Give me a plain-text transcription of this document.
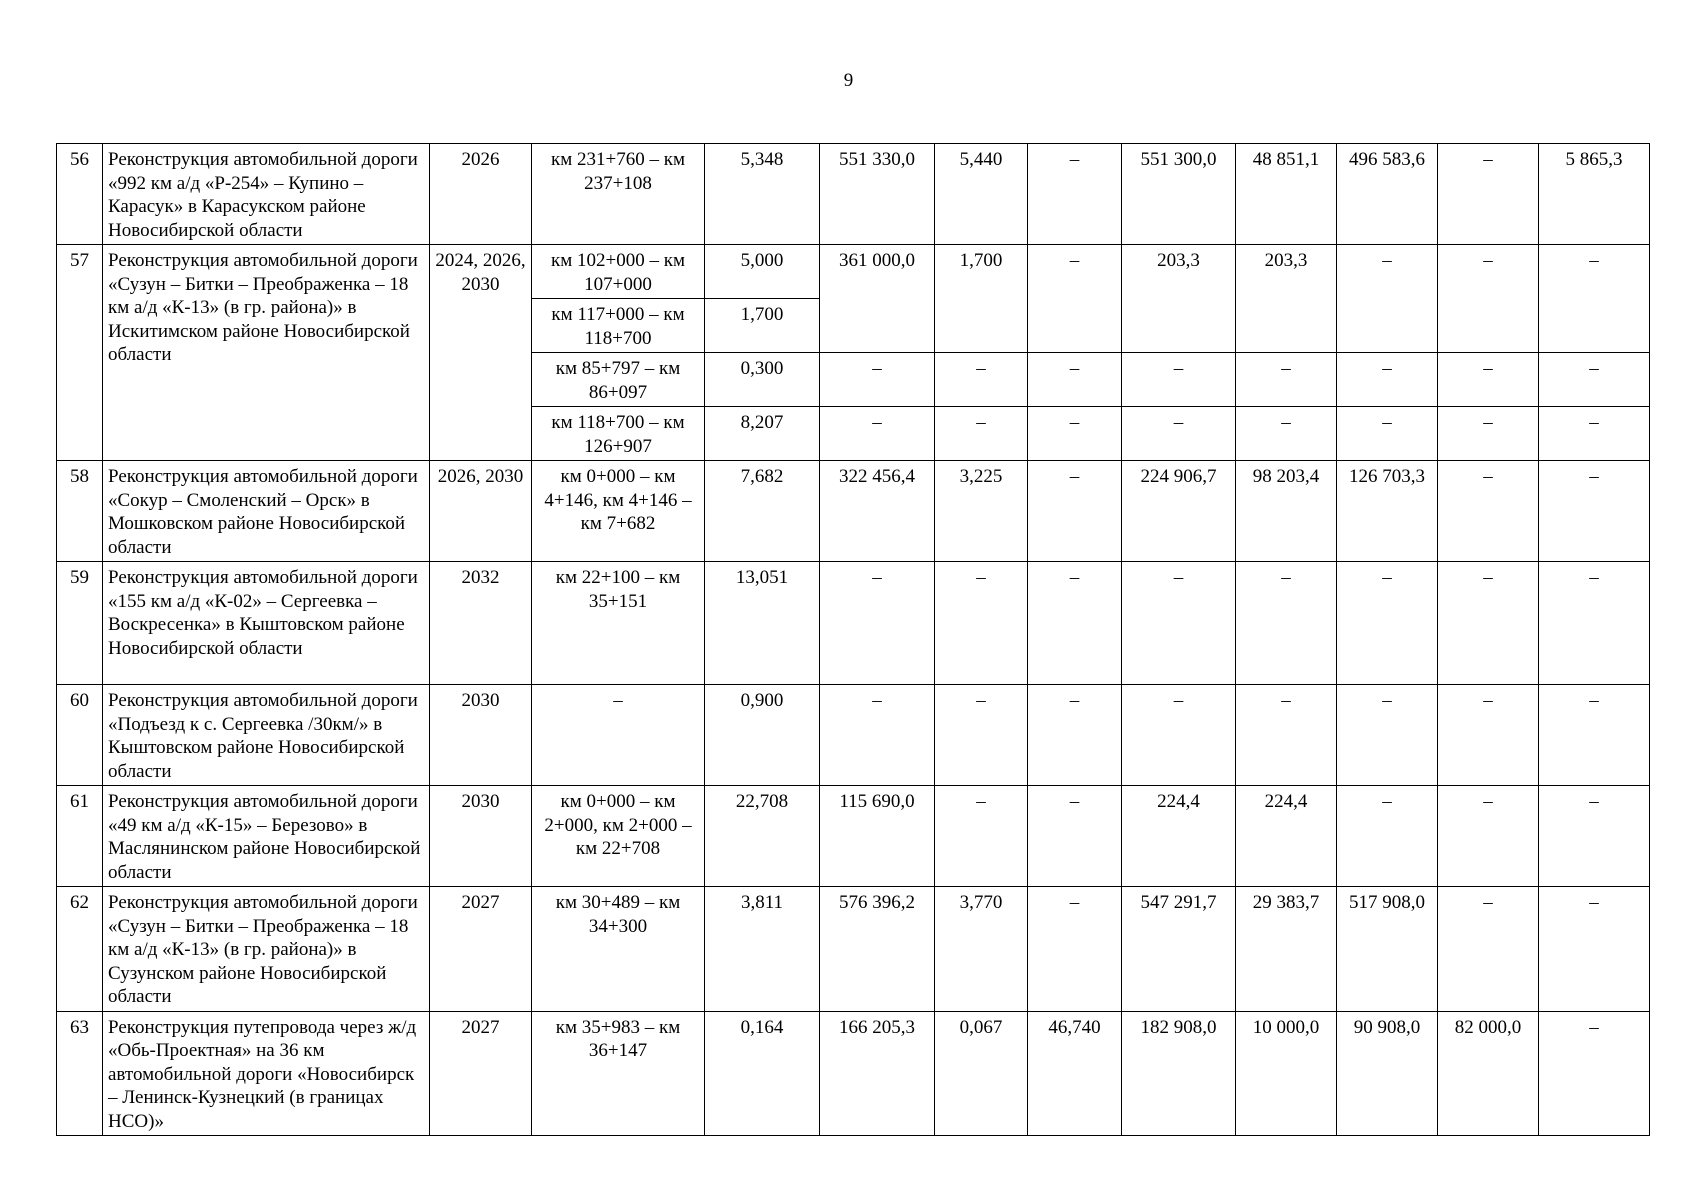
9
56	Реконструкция автомобильной дороги «992 км а/д «Р-254» – Купино – Карасук» в Карасукском районе Новосибирской области	2026	км 231+760 – км 237+108	5,348	551 330,0	5,440	–	551 300,0	48 851,1	496 583,6	–	5 865,3
57	Реконструкция автомобильной дороги «Сузун – Битки – Преображенка – 18 км а/д «К-13» (в гр. района)» в Искитимском районе Новосибирской области	2024, 2026, 2030	км 102+000 – км 107+000	5,000	361 000,0	1,700	–	203,3	203,3	–	–	–
			км 117+000 – км 118+700	1,700								
			км 85+797 – км 86+097	0,300	–	–	–	–	–	–	–	–
			км 118+700 – км 126+907	8,207	–	–	–	–	–	–	–	–
58	Реконструкция автомобильной дороги «Сокур – Смоленский – Орск» в Мошковском районе Новосибирской области	2026, 2030	км 0+000 – км 4+146, км 4+146 – км 7+682	7,682	322 456,4	3,225	–	224 906,7	98 203,4	126 703,3	–	–
59	Реконструкция автомобильной дороги «155 км а/д «К-02» – Сергеевка – Воскресенка» в Кыштовском районе Новосибирской области	2032	км 22+100 – км 35+151	13,051	–	–	–	–	–	–	–	–
60	Реконструкция автомобильной дороги «Подъезд к с. Сергеевка /30км/» в Кыштовском районе Новосибирской области	2030	–	0,900	–	–	–	–	–	–	–	–
61	Реконструкция автомобильной дороги «49 км а/д «К-15» – Березово» в Маслянинском районе Новосибирской области	2030	км 0+000 – км 2+000, км 2+000 – км 22+708	22,708	115 690,0	–	–	224,4	224,4	–	–	–
62	Реконструкция автомобильной дороги «Сузун – Битки – Преображенка – 18 км а/д «К-13» (в гр. района)» в Сузунском районе Новосибирской области	2027	км 30+489 – км 34+300	3,811	576 396,2	3,770	–	547 291,7	29 383,7	517 908,0	–	–
63	Реконструкция путепровода через ж/д «Обь-Проектная» на 36 км автомобильной дороги «Новосибирск – Ленинск-Кузнецкий (в границах НСО)»	2027	км 35+983 – км 36+147	0,164	166 205,3	0,067	46,740	182 908,0	10 000,0	90 908,0	82 000,0	–
